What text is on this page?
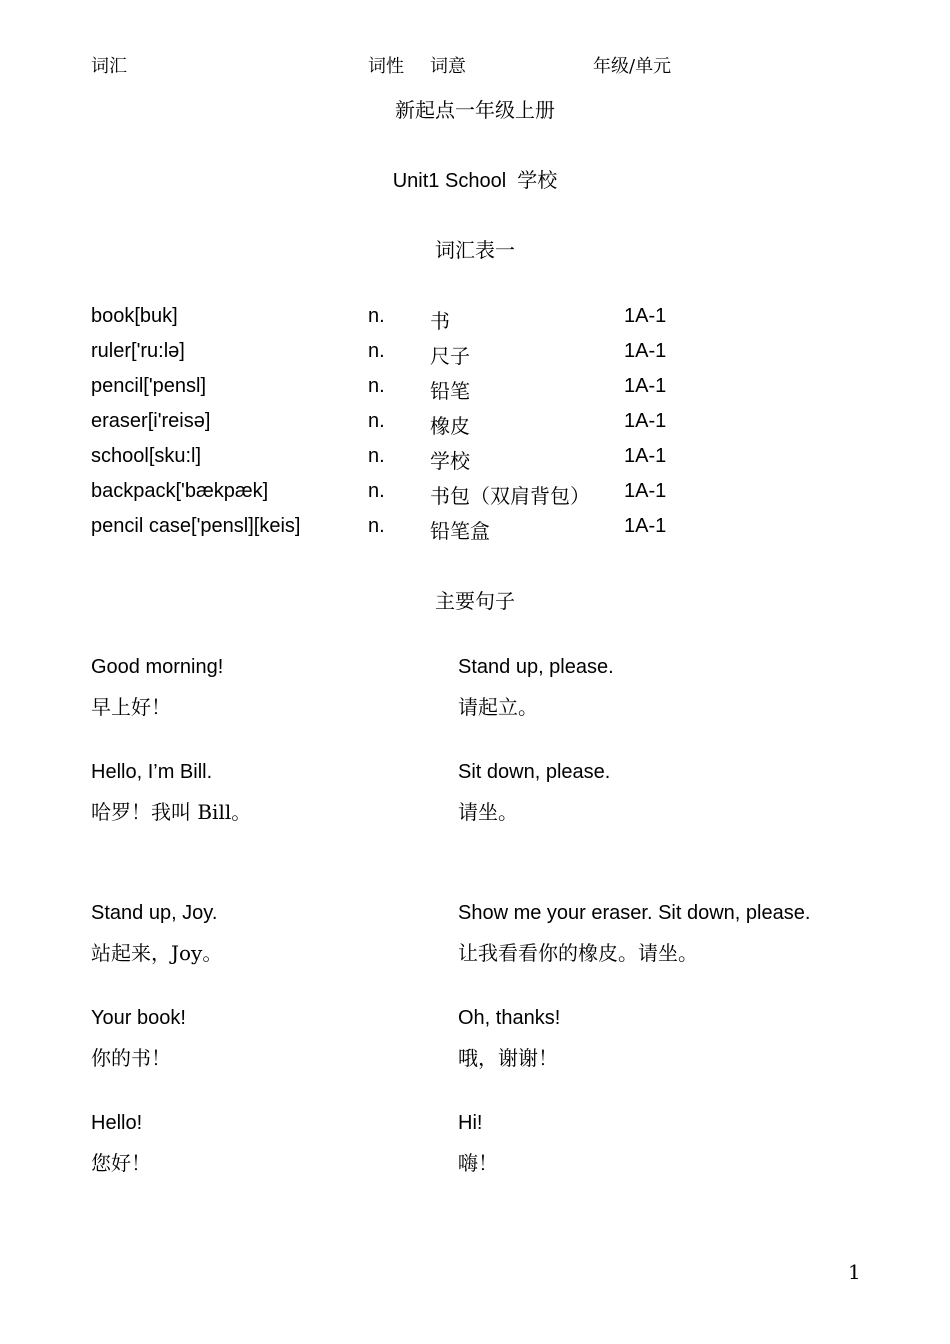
词汇	词性 词意	年级/单元
新起点一年级上册
Unit1 School  学校
词汇表一
book[buk]	n. 书	1A-1
ruler['ru:lə]	n. 尺子	1A-1
pencil['pensl]	n. 铅笔	1A-1
eraser[i'reisə]	n. 橡皮	1A-1
school[sku:l]	n. 学校	1A-1
backpack['bækpæk]	n. 书包（双肩背包） 1A-1
pencil case['pensl][keis]	n. 铅笔盒	1A-1
主要句子
Good morning!
早上好！
Stand up, please.
请起立。
Hello, I’m Bill.
哈罗！我叫 Bill。
Sit down, please.
请坐。
Stand up, Joy.
站起来，Joy。
Show me your eraser. Sit down, please.
让我看看你的橡皮。请坐。
Your book!
你的书！
Oh, thanks!
哦，谢谢！
Hello!
您好！
Hi!
嗨！
1
